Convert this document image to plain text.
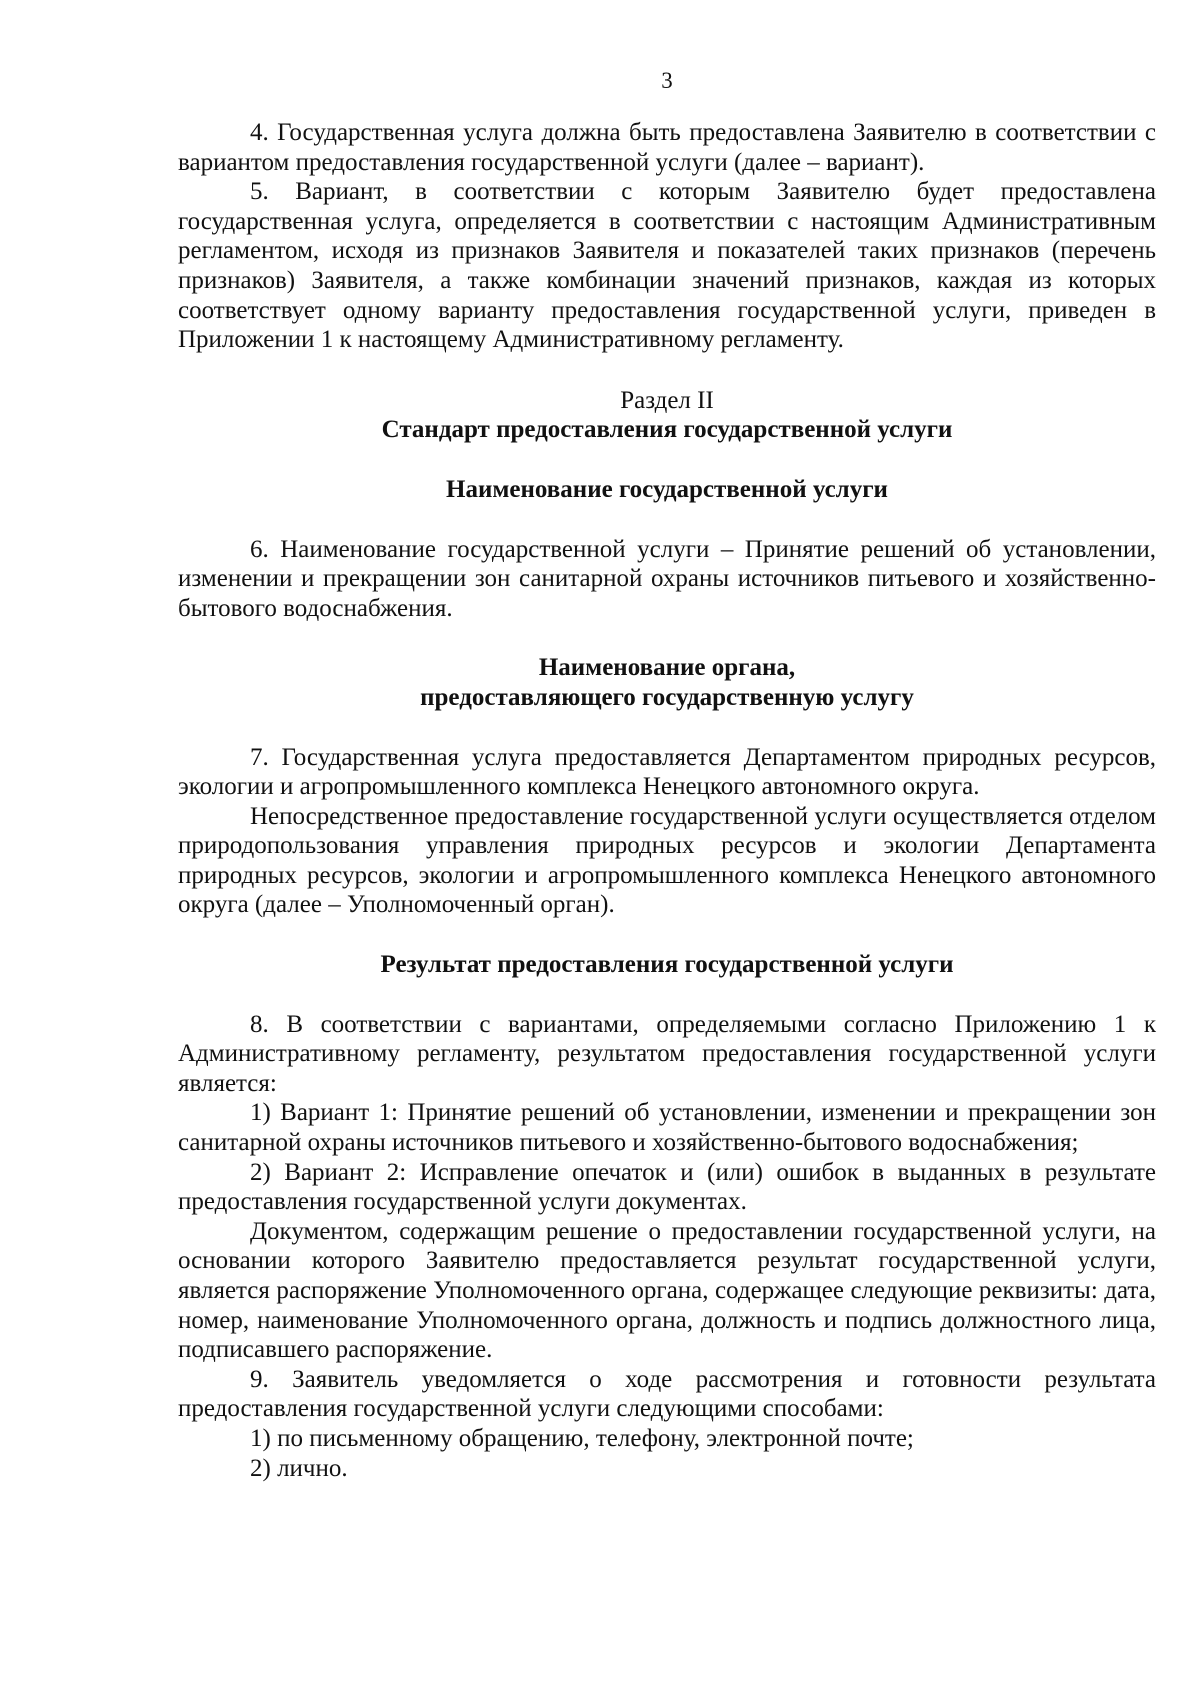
3

4. Государственная услуга должна быть предоставлена Заявителю в соответствии с вариантом предоставления государственной услуги (далее – вариант).

5. Вариант, в соответствии с которым Заявителю будет предоставлена государственная услуга, определяется в соответствии с настоящим Административным регламентом, исходя из признаков Заявителя и показателей таких признаков (перечень признаков) Заявителя, а также комбинации значений признаков, каждая из которых соответствует одному варианту предоставления государственной услуги, приведен в Приложении 1 к настоящему Административному регламенту.

Раздел II

Стандарт предоставления государственной услуги

Наименование государственной услуги

6. Наименование государственной услуги – Принятие решений об установлении, изменении и прекращении зон санитарной охраны источников питьевого и хозяйственно-бытового водоснабжения.

Наименование органа,

предоставляющего государственную услугу

7. Государственная услуга предоставляется Департаментом природных ресурсов, экологии и агропромышленного комплекса Ненецкого автономного округа.

Непосредственное предоставление государственной услуги осуществляется отделом природопользования управления природных ресурсов и экологии Департамента природных ресурсов, экологии и агропромышленного комплекса Ненецкого автономного округа (далее – Уполномоченный орган).

Результат предоставления государственной услуги

8. В соответствии с вариантами, определяемыми согласно Приложению 1 к Административному регламенту, результатом предоставления государственной услуги является:

1) Вариант 1: Принятие решений об установлении, изменении и прекращении зон санитарной охраны источников питьевого и хозяйственно-бытового водоснабжения;

2) Вариант 2: Исправление опечаток и (или) ошибок в выданных в результате предоставления государственной услуги документах.

Документом, содержащим решение о предоставлении государственной услуги, на основании которого Заявителю предоставляется результат государственной услуги, является распоряжение Уполномоченного органа, содержащее следующие реквизиты: дата, номер, наименование Уполномоченного органа, должность и подпись должностного лица, подписавшего распоряжение.

9. Заявитель уведомляется о ходе рассмотрения и готовности результата предоставления государственной услуги следующими способами:

1) по письменному обращению, телефону, электронной почте;

2) лично.
